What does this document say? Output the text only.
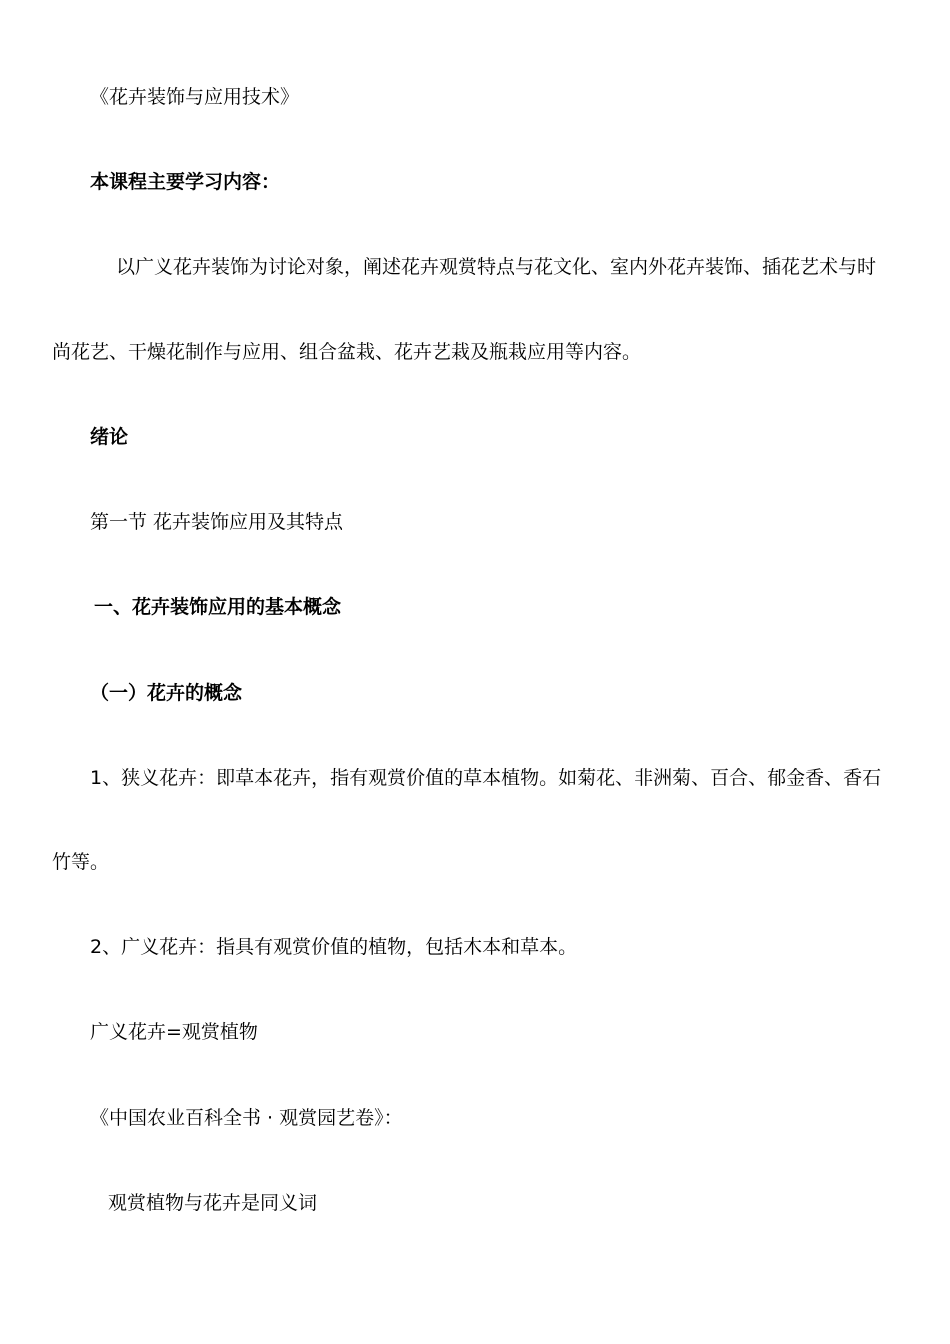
《花卉装饰与应用技术》
本课程主要学习内容：
以广义花卉装饰为讨论对象，阐述花卉观赏特点与花文化、室内外花卉装饰、插花艺术与时
尚花艺、干燥花制作与应用、组合盆栽、花卉艺栽及瓶栽应用等内容。
绪论
第一节 花卉装饰应用及其特点
一、花卉装饰应用的基本概念
（一）花卉的概念
1、狭义花卉：即草本花卉，指有观赏价值的草本植物。如菊花、非洲菊、百合、郁金香、香石
竹等。
2、广义花卉：指具有观赏价值的植物，包括木本和草本。
广义花卉=观赏植物
《中国农业百科全书 · 观赏园艺卷》：
观赏植物与花卉是同义词
